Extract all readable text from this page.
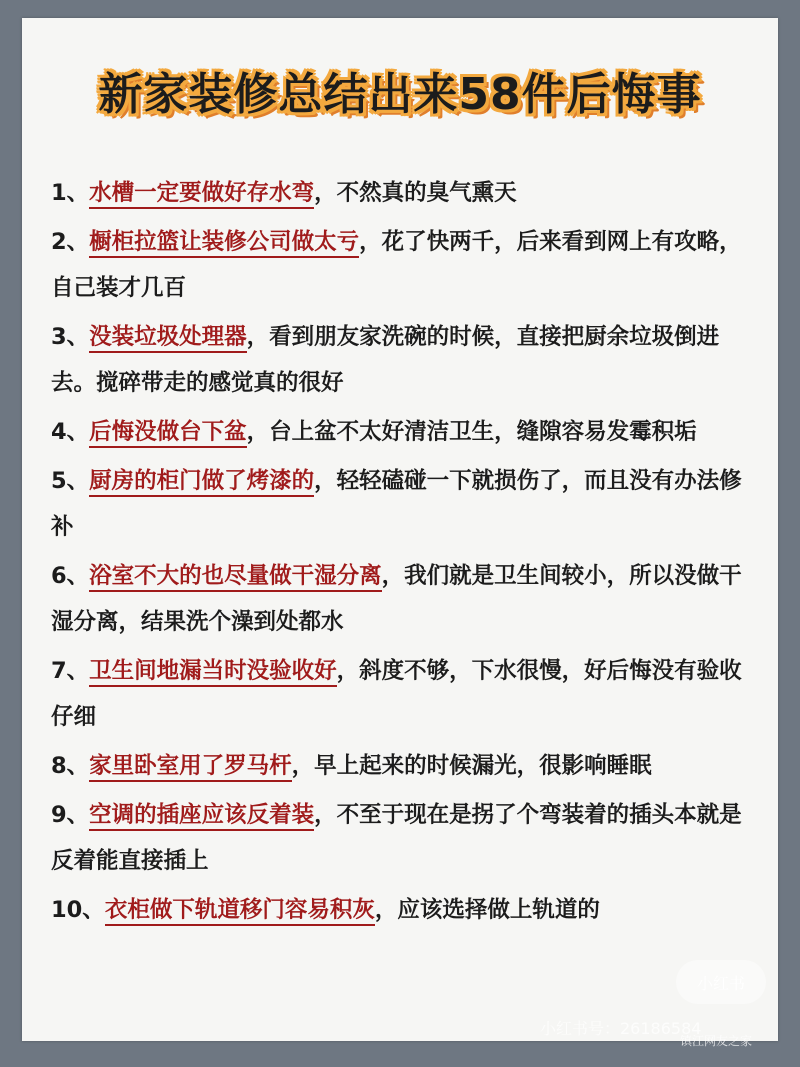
新家装修总结出来58件后悔事
1、水槽一定要做好存水弯，不然真的臭气熏天
2、橱柜拉篮让装修公司做太亏，花了快两千，后来看到网上有攻略，自己装才几百
3、没装垃圾处理器，看到朋友家洗碗的时候，直接把厨余垃圾倒进去。搅碎带走的感觉真的很好
4、后悔没做台下盆，台上盆不太好清洁卫生，缝隙容易发霉积垢
5、厨房的柜门做了烤漆的，轻轻磕碰一下就损伤了，而且没有办法修补
6、浴室不大的也尽量做干湿分离，我们就是卫生间较小，所以没做干湿分离，结果洗个澡到处都水
7、卫生间地漏当时没验收好，斜度不够，下水很慢，好后悔没有验收仔细
8、家里卧室用了罗马杆，早上起来的时候漏光，很影响睡眠
9、空调的插座应该反着装，不至于现在是拐了个弯装着的插头本就是反着能直接插上
10、衣柜做下轨道移门容易积灰，应该选择做上轨道的
小红书
小红书号：26186584
镇江网友之家
